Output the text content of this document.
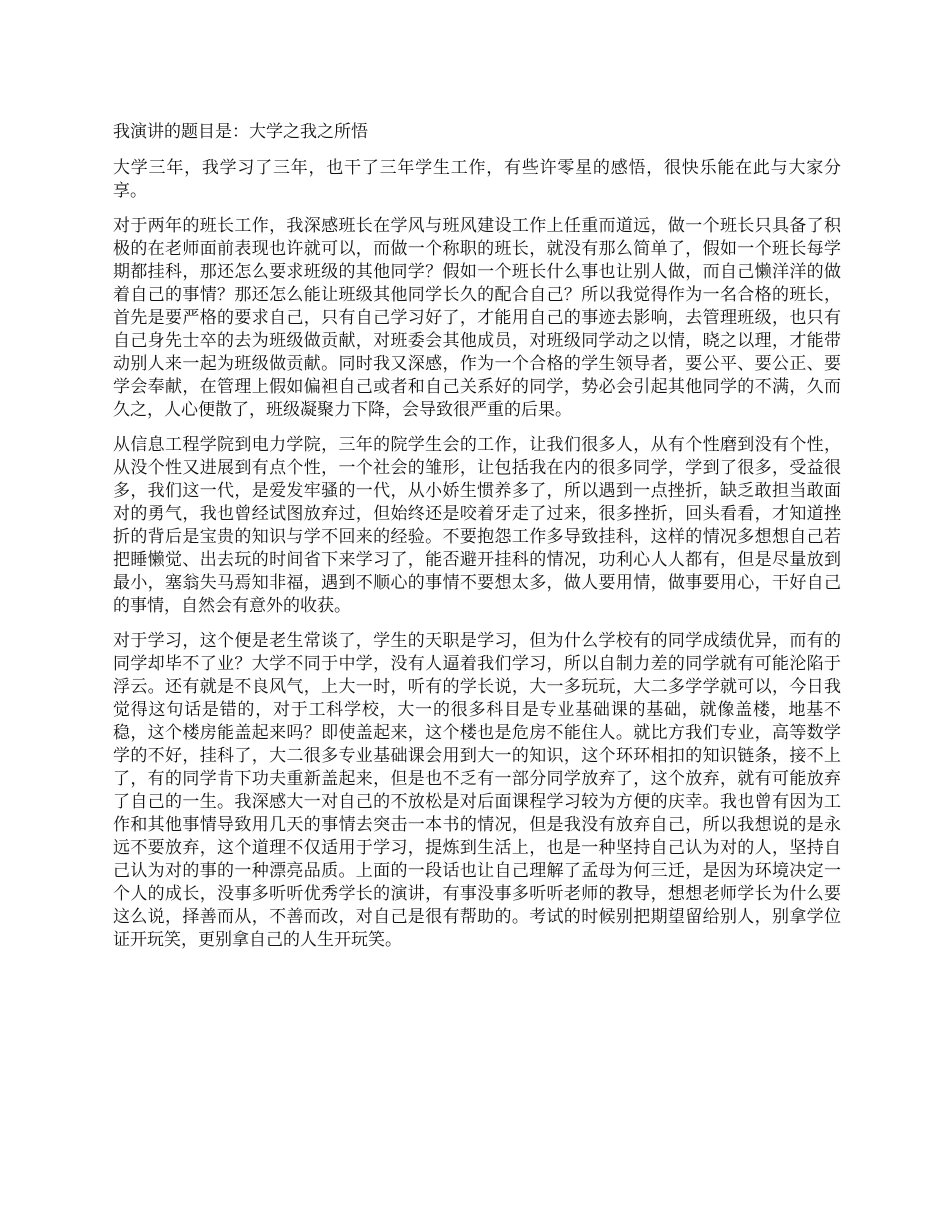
我演讲的题目是：大学之我之所悟

大学三年，我学习了三年，也干了三年学生工作，有些许零星的感悟，很快乐能在此与大家分享。

对于两年的班长工作，我深感班长在学风与班风建设工作上任重而道远，做一个班长只具备了积极的在老师面前表现也许就可以，而做一个称职的班长，就没有那么简单了，假如一个班长每学期都挂科，那还怎么要求班级的其他同学？假如一个班长什么事也让别人做，而自己懒洋洋的做着自己的事情？那还怎么能让班级其他同学长久的配合自己？所以我觉得作为一名合格的班长，首先是要严格的要求自己，只有自己学习好了，才能用自己的事迹去影响，去管理班级，也只有自己身先士卒的去为班级做贡献，对班委会其他成员，对班级同学动之以情，晓之以理，才能带动别人来一起为班级做贡献。同时我又深感，作为一个合格的学生领导者，要公平、要公正、要学会奉献，在管理上假如偏袒自己或者和自己关系好的同学，势必会引起其他同学的不满，久而久之，人心便散了，班级凝聚力下降，会导致很严重的后果。

从信息工程学院到电力学院，三年的院学生会的工作，让我们很多人，从有个性磨到没有个性，从没个性又进展到有点个性，一个社会的雏形，让包括我在内的很多同学，学到了很多，受益很多，我们这一代，是爱发牢骚的一代，从小娇生惯养多了，所以遇到一点挫折，缺乏敢担当敢面对的勇气，我也曾经试图放弃过，但始终还是咬着牙走了过来，很多挫折，回头看看，才知道挫折的背后是宝贵的知识与学不回来的经验。不要抱怨工作多导致挂科，这样的情况多想想自己若把睡懒觉、出去玩的时间省下来学习了，能否避开挂科的情况，功利心人人都有，但是尽量放到最小，塞翁失马焉知非福，遇到不顺心的事情不要想太多，做人要用情，做事要用心，干好自己的事情，自然会有意外的收获。

对于学习，这个便是老生常谈了，学生的天职是学习，但为什么学校有的同学成绩优异，而有的同学却毕不了业？大学不同于中学，没有人逼着我们学习，所以自制力差的同学就有可能沦陷于浮云。还有就是不良风气，上大一时，听有的学长说，大一多玩玩，大二多学学就可以，今日我觉得这句话是错的，对于工科学校，大一的很多科目是专业基础课的基础，就像盖楼，地基不稳，这个楼房能盖起来吗？即使盖起来，这个楼也是危房不能住人。就比方我们专业，高等数学学的不好，挂科了，大二很多专业基础课会用到大一的知识，这个环环相扣的知识链条，接不上了，有的同学肯下功夫重新盖起来，但是也不乏有一部分同学放弃了，这个放弃，就有可能放弃了自己的一生。我深感大一对自己的不放松是对后面课程学习较为方便的庆幸。我也曾有因为工作和其他事情导致用几天的事情去突击一本书的情况，但是我没有放弃自己，所以我想说的是永远不要放弃，这个道理不仅适用于学习，提炼到生活上，也是一种坚持自己认为对的人，坚持自己认为对的事的一种漂亮品质。上面的一段话也让自己理解了孟母为何三迁，是因为环境决定一个人的成长，没事多听听优秀学长的演讲，有事没事多听听老师的教导，想想老师学长为什么要这么说，择善而从，不善而改，对自己是很有帮助的。考试的时候别把期望留给别人，别拿学位证开玩笑，更别拿自己的人生开玩笑。
